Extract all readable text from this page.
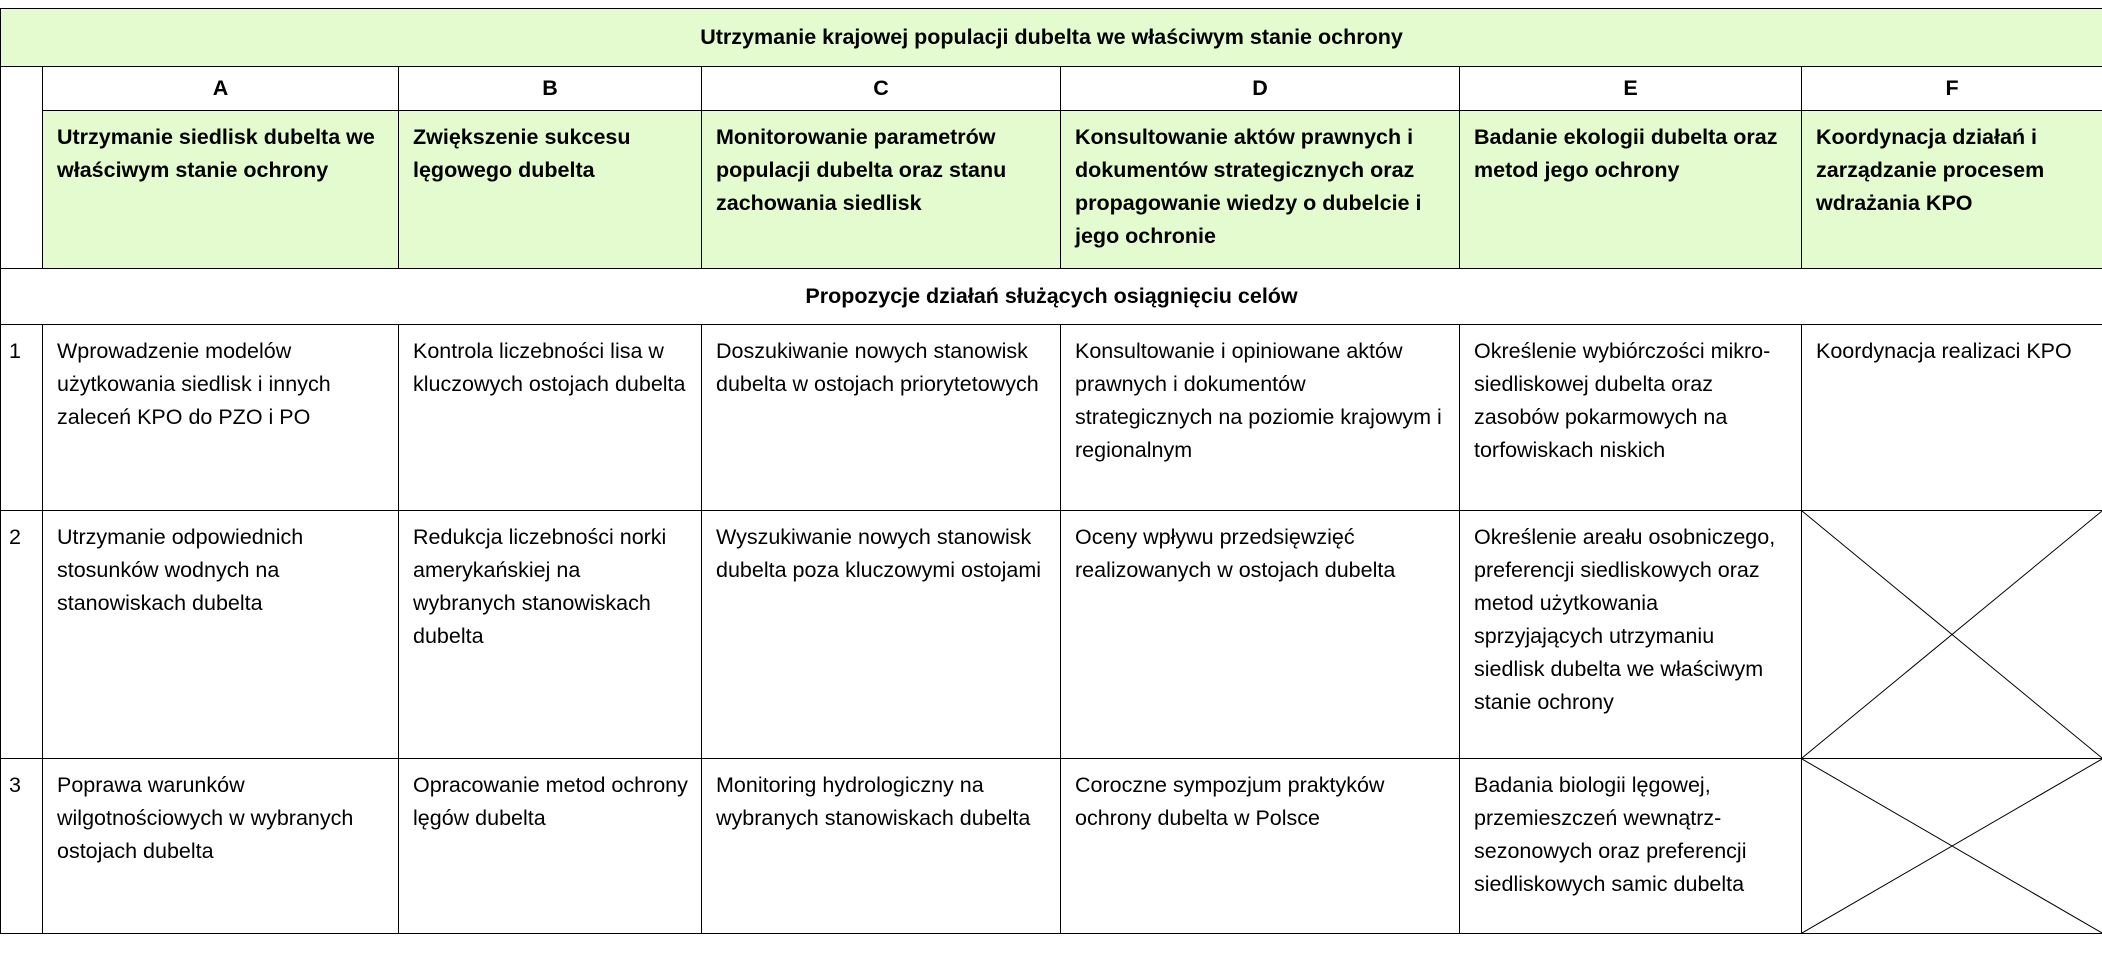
Utrzymanie krajowej populacji dubelta we właściwym stanie ochrony						
	A	B	C	D	E	F
	Utrzymanie siedlisk dubelta we właściwym stanie ochrony	Zwiększenie sukcesu lęgowego dubelta	Monitorowanie parametrów populacji dubelta oraz stanu zachowania siedlisk	Konsultowanie aktów prawnych i dokumentów strategicznych oraz propagowanie wiedzy o dubelcie i jego ochronie	Badanie ekologii dubelta oraz metod jego ochrony	Koordynacja działań i zarządzanie procesem wdrażania KPO
Propozycje działań służących osiągnięciu celów						
1	Wprowadzenie modelów użytkowania siedlisk i innych zaleceń KPO do PZO i PO	Kontrola liczebności lisa w kluczowych ostojach dubelta	Doszukiwanie nowych stanowisk dubelta w ostojach priorytetowych	Konsultowanie i opiniowane aktów prawnych i dokumentów strategicznych na poziomie krajowym i regionalnym	Określenie wybiórczości mikro-siedliskowej dubelta oraz zasobów pokarmowych na torfowiskach niskich	Koordynacja realizaci KPO
2	Utrzymanie odpowiednich stosunków wodnych na stanowiskach dubelta	Redukcja liczebności norki amerykańskiej na wybranych stanowiskach dubelta	Wyszukiwanie nowych stanowisk dubelta poza kluczowymi ostojami	Oceny wpływu przedsięwzięć realizowanych w ostojach dubelta	Określenie areału osobniczego, preferencji siedliskowych oraz metod użytkowania sprzyjających utrzymaniu siedlisk dubelta we właściwym stanie ochrony	

3	Poprawa warunków wilgotnościowych w wybranych ostojach dubelta	Opracowanie metod ochrony lęgów dubelta	Monitoring hydrologiczny na wybranych stanowiskach dubelta	Coroczne sympozjum praktyków ochrony dubelta w Polsce	Badania biologii lęgowej, przemieszczeń wewnątrz-sezonowych oraz preferencji siedliskowych samic dubelta	
